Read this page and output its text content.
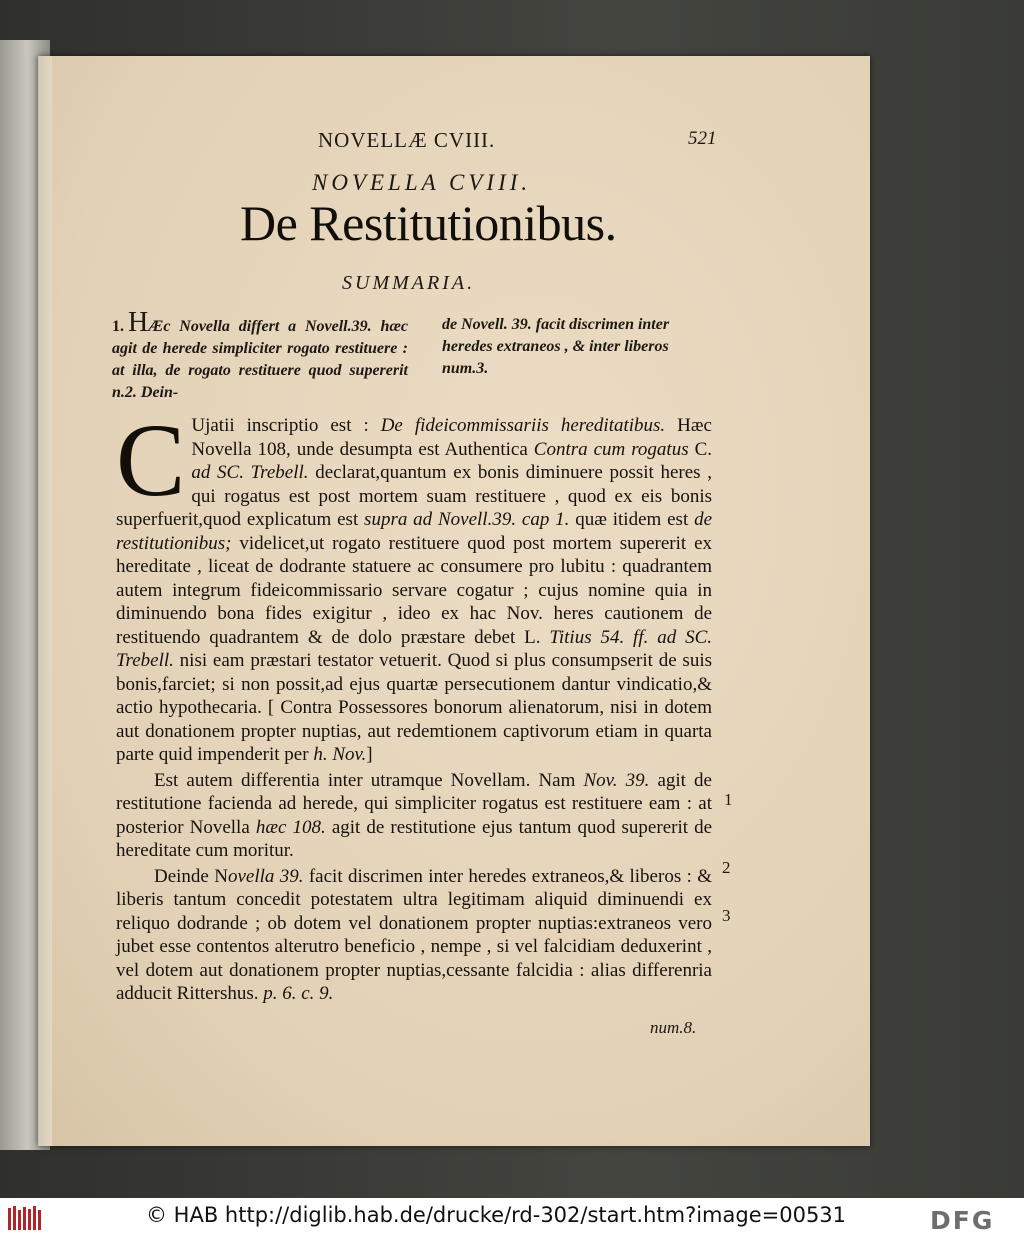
NOVELLÆ CVIII.	521
NOVELLA CVIII.
De Restitutionibus.
SUMMARIA.
1. HÆc Novella differt a Novell.39. hæc agit de herede simpliciter rogato restituere : at illa, de rogato restituere quod supererit n.2. Dein-
de Novell. 39. facit discrimen inter heredes extraneos , & inter liberos num.3.

C Ujatii inscriptio est : De fideicommissariis hereditatibus. Hæc Novella 108, unde desumpta est Authentica Contra cum rogatus C. ad SC. Trebell. declarat,quantum ex bonis diminuere possit heres , qui rogatus est post mortem suam restituere , quod ex eis bonis superfuerit,quod explicatum est supra ad Novell.39. cap 1. quæ itidem est de restitutionibus; videlicet,ut rogato restituere quod post mortem supererit ex hereditate , liceat de dodrante statuere ac consumere pro lubitu : quadrantem autem integrum fideicommissario servare cogatur ; cujus nomine quia in diminuendo bona fides exigitur , ideo ex hac Nov. heres cautionem de restituendo quadrantem & de dolo præstare debet L. Titius 54. ff. ad SC. Trebell. nisi eam præstari testator vetuerit. Quod si plus consumpserit de suis bonis,farciet; si non possit,ad ejus quartæ persecutionem dantur vindicatio,& actio hypothecaria. [ Contra Possessores bonorum alienatorum, nisi in dotem aut donationem propter nuptias, aut redemtionem captivorum etiam in quarta parte quid impenderit per h. Nov.]

Est autem differentia inter utramque Novellam. Nam Nov. 39. agit de restitutione facienda ad herede, qui simpliciter rogatus est restituere eam : at posterior Novella hæc 108. agit de restitutione ejus tantum quod supererit de hereditate cum moritur.

Deinde Novella 39. facit discrimen inter heredes extraneos,& liberos : & liberis tantum concedit potestatem ultra legitimam aliquid diminuendi ex reliquo dodrande ; ob dotem vel donationem propter nuptias:extraneos vero jubet esse contentos alterutro beneficio , nempe , si vel falcidiam deduxerint , vel dotem aut donationem propter nuptias,cessante falcidia : alias differenria adducit Rittershus. p. 6. c. 9.

1
2
3
num.8.
© HAB http://diglib.hab.de/drucke/rd-302/start.htm?image=00531	DFG
